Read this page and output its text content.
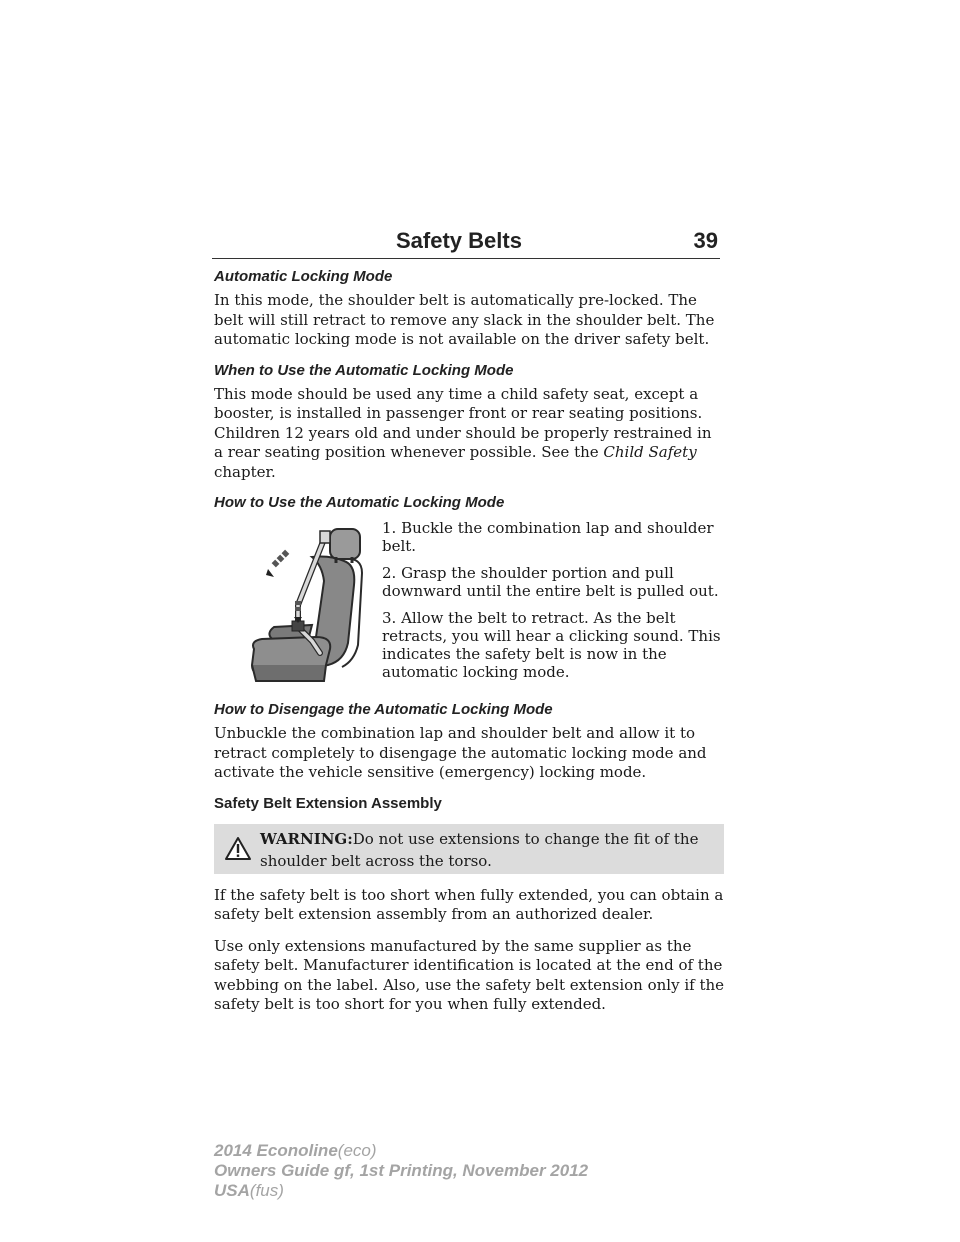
Safety Belts	39
Automatic Locking Mode

In this mode, the shoulder belt is automatically pre-locked. The belt will still retract to remove any slack in the shoulder belt. The automatic locking mode is not available on the driver safety belt.

When to Use the Automatic Locking Mode

This mode should be used any time a child safety seat, except a booster, is installed in passenger front or rear seating positions. Children 12 years old and under should be properly restrained in a rear seating position whenever possible. See the Child Safety chapter.

How to Use the Automatic Locking Mode

1. Buckle the combination lap and shoulder belt.

2. Grasp the shoulder portion and pull downward until the entire belt is pulled out.

3. Allow the belt to retract. As the belt retracts, you will hear a clicking sound. This indicates the safety belt is now in the automatic locking mode.

How to Disengage the Automatic Locking Mode

Unbuckle the combination lap and shoulder belt and allow it to retract completely to disengage the automatic locking mode and activate the vehicle sensitive (emergency) locking mode.

Safety Belt Extension Assembly
WARNING:Do not use extensions to change the fit of the shoulder belt across the torso.

If the safety belt is too short when fully extended, you can obtain a safety belt extension assembly from an authorized dealer.

Use only extensions manufactured by the same supplier as the safety belt. Manufacturer identification is located at the end of the webbing on the label. Also, use the safety belt extension only if the safety belt is too short for you when fully extended.

2014 Econoline(eco)
Owners Guide gf, 1st Printing, November 2012
USA(fus)
